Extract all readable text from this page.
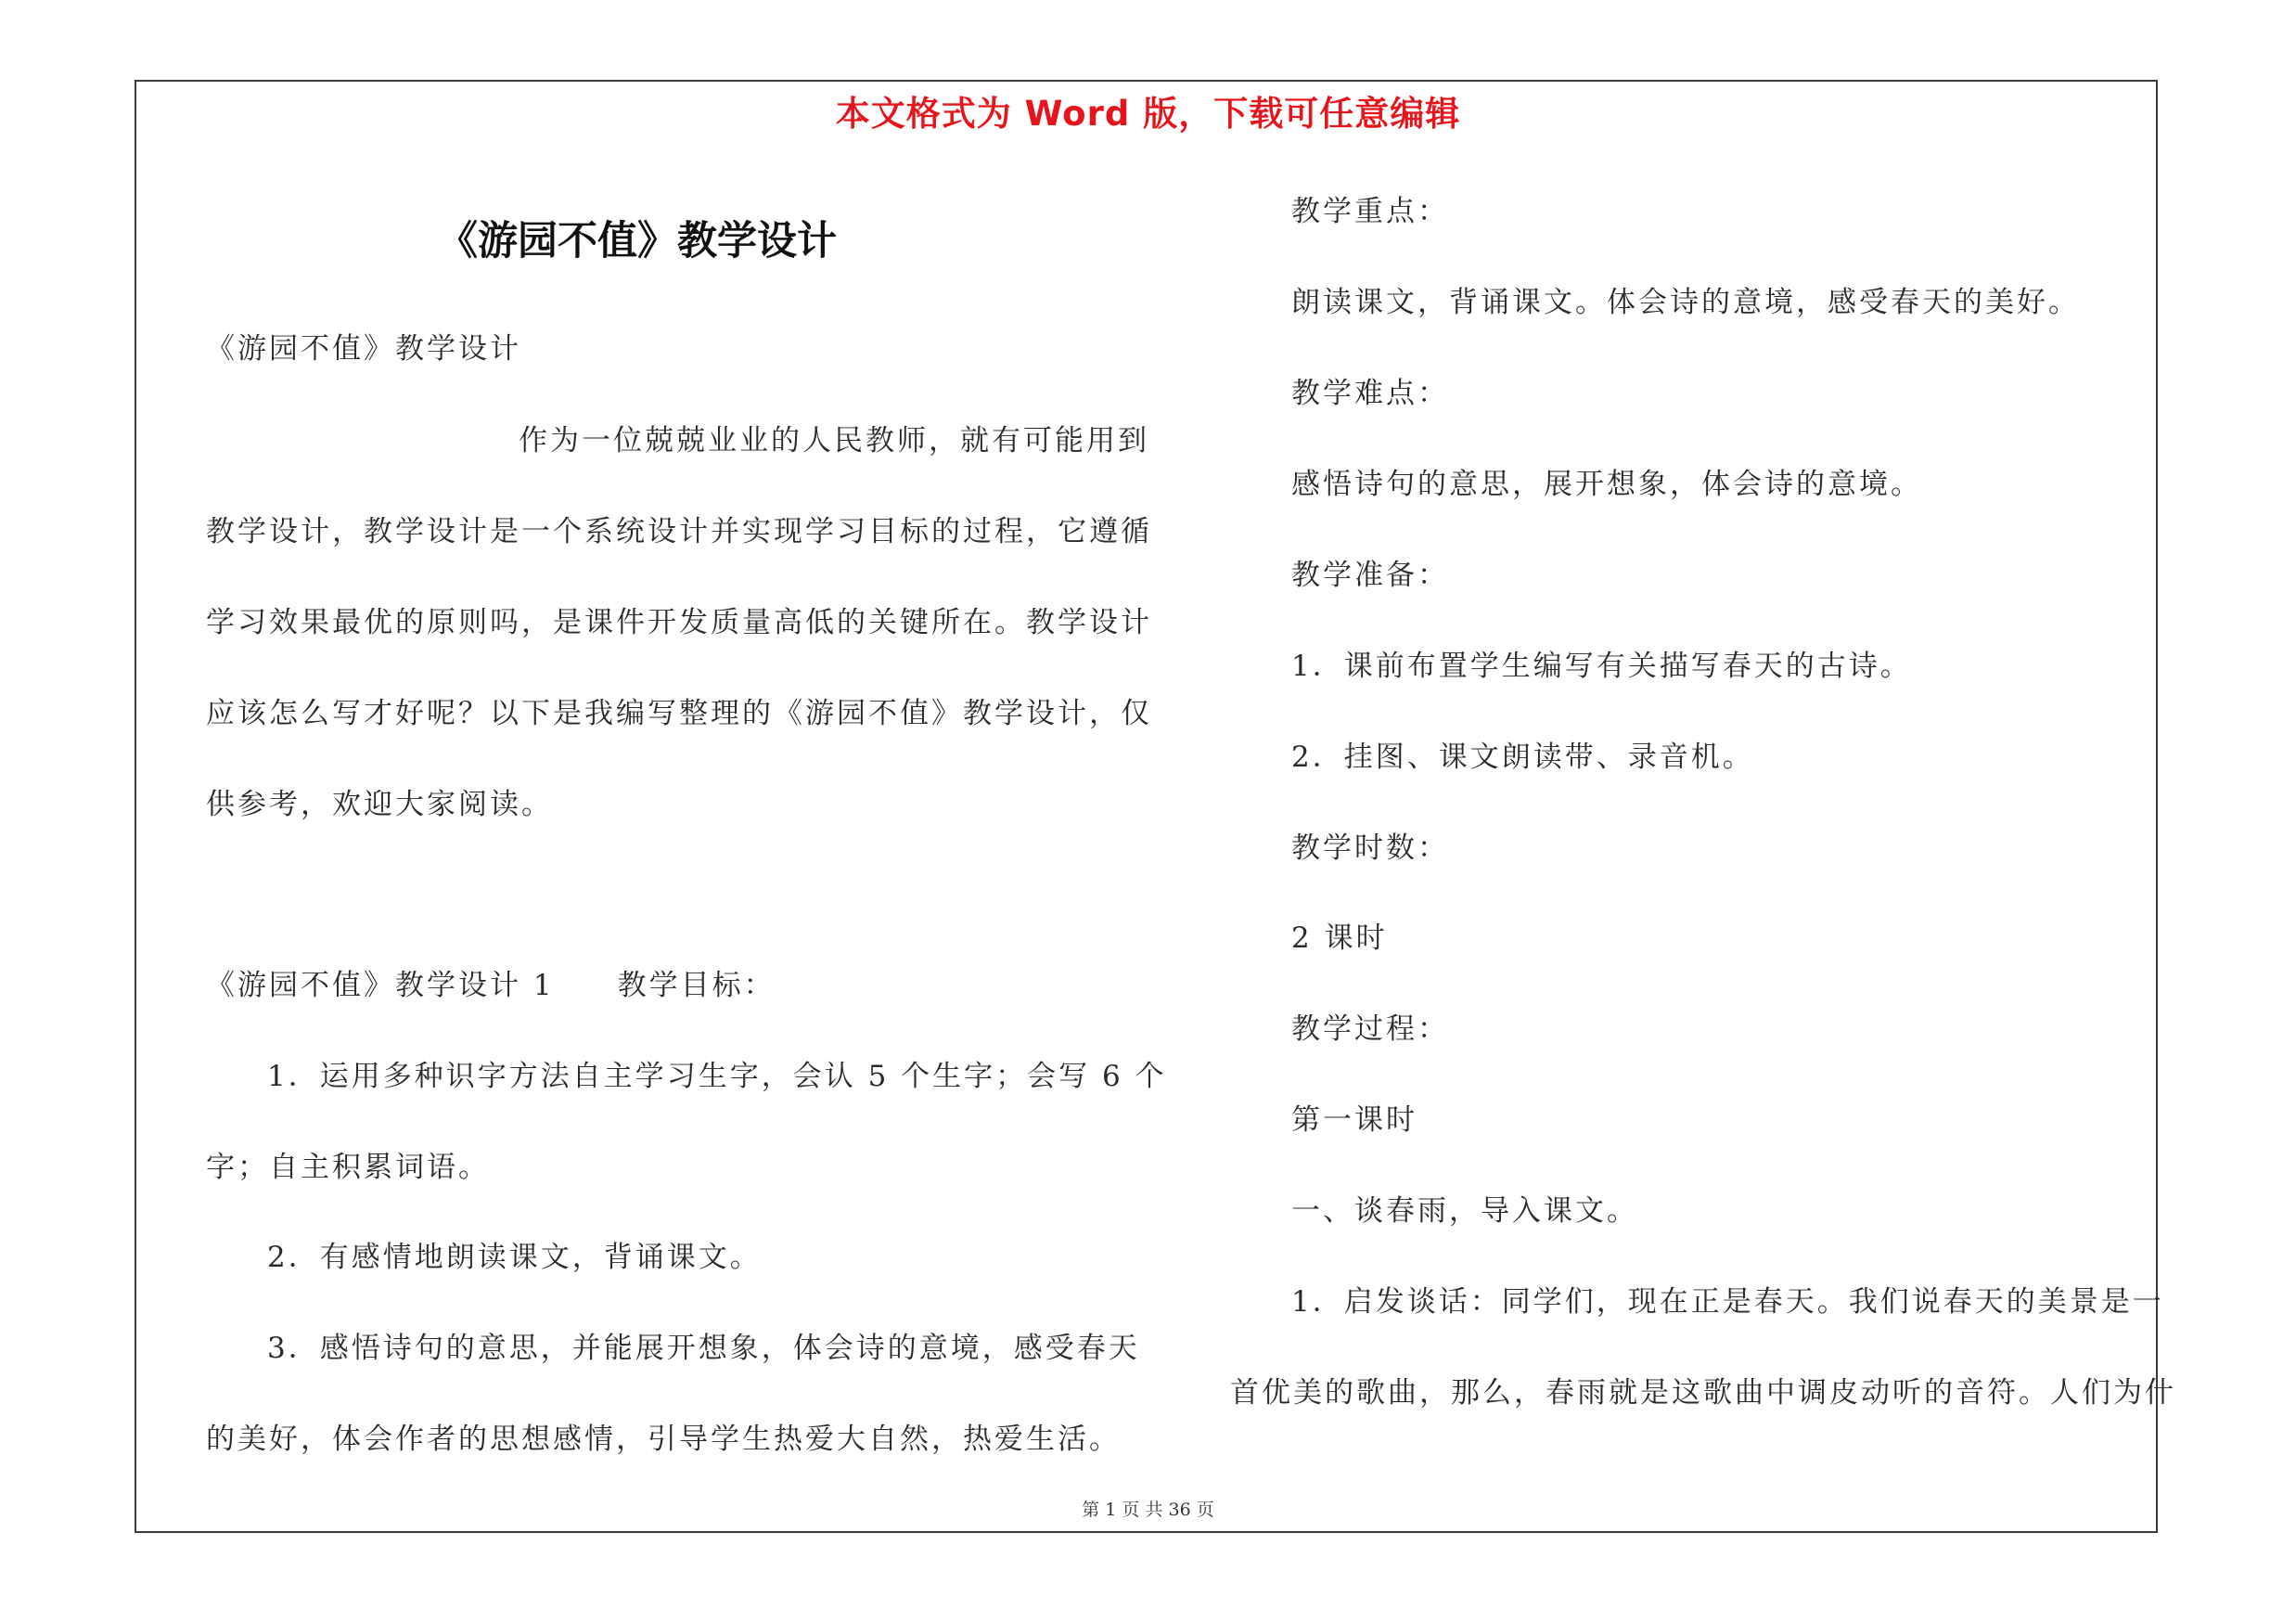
本文格式为 Word 版，下载可任意编辑
《游园不值》教学设计
《游园不值》教学设计
作为一位兢兢业业的人民教师，就有可能用到
教学设计，教学设计是一个系统设计并实现学习目标的过程，它遵循
学习效果最优的原则吗，是课件开发质量高低的关键所在。教学设计
应该怎么写才好呢？以下是我编写整理的《游园不值》教学设计，仅
供参考，欢迎大家阅读。
《游园不值》教学设计 1　　教学目标：
1．运用多种识字方法自主学习生字，会认 5 个生字；会写 6 个
字；自主积累词语。
2．有感情地朗读课文，背诵课文。
3．感悟诗句的意思，并能展开想象，体会诗的意境，感受春天
的美好，体会作者的思想感情，引导学生热爱大自然，热爱生活。
教学重点：
朗读课文，背诵课文。体会诗的意境，感受春天的美好。
教学难点：
感悟诗句的意思，展开想象，体会诗的意境。
教学准备：
1．课前布置学生编写有关描写春天的古诗。
2．挂图、课文朗读带、录音机。
教学时数：
2 课时
教学过程：
第一课时
一、谈春雨，导入课文。
1．启发谈话：同学们，现在正是春天。我们说春天的美景是一
首优美的歌曲，那么，春雨就是这歌曲中调皮动听的音符。人们为什
第 1 页 共 36 页
